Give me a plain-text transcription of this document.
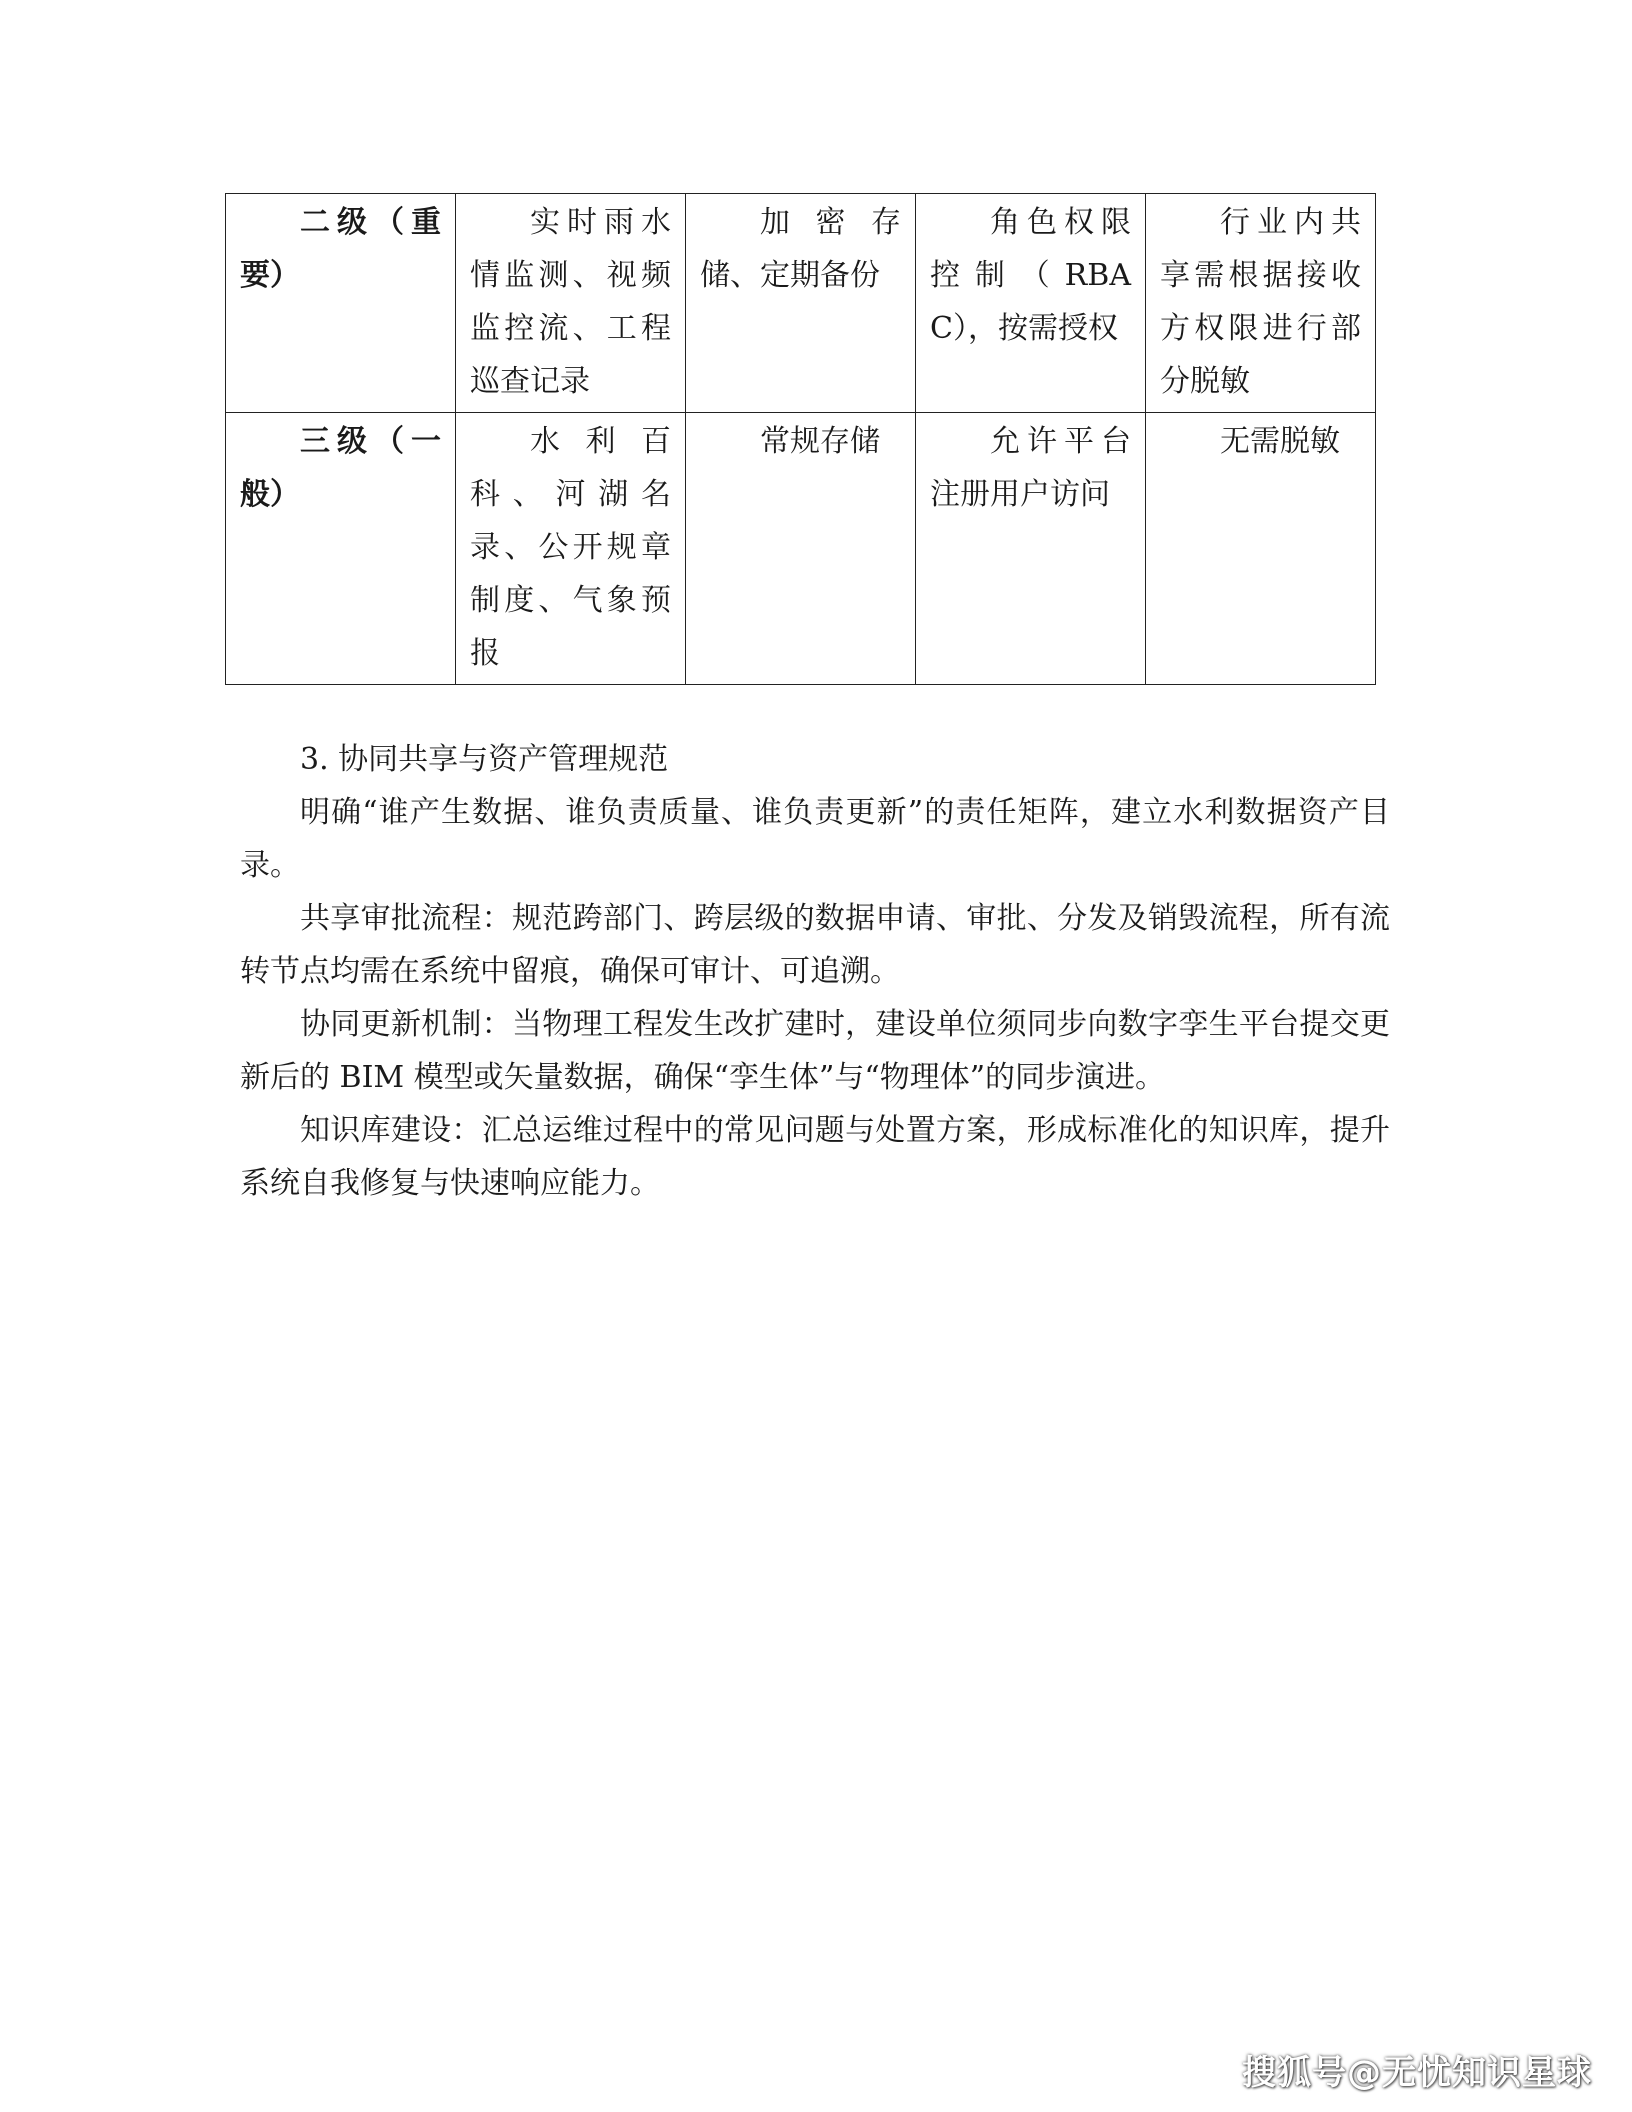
二级（重要）	实时雨水情监测、视频监控流、工程巡查记录	加密存储、定期备份	角色权限控制（RBAC），按需授权	行业内共享需根据接收方权限进行部分脱敏
三级（一般）	水利百科、河湖名录、公开规章制度、气象预报	常规存储	允许平台注册用户访问	无需脱敏

3. 协同共享与资产管理规范

明确“谁产生数据、谁负责质量、谁负责更新”的责任矩阵，建立水利数据资产目录。

共享审批流程：规范跨部门、跨层级的数据申请、审批、分发及销毁流程，所有流转节点均需在系统中留痕，确保可审计、可追溯。

协同更新机制：当物理工程发生改扩建时，建设单位须同步向数字孪生平台提交更新后的 BIM 模型或矢量数据，确保“孪生体”与“物理体”的同步演进。

知识库建设：汇总运维过程中的常见问题与处置方案，形成标准化的知识库，提升系统自我修复与快速响应能力。

搜狐号@无忧知识星球
